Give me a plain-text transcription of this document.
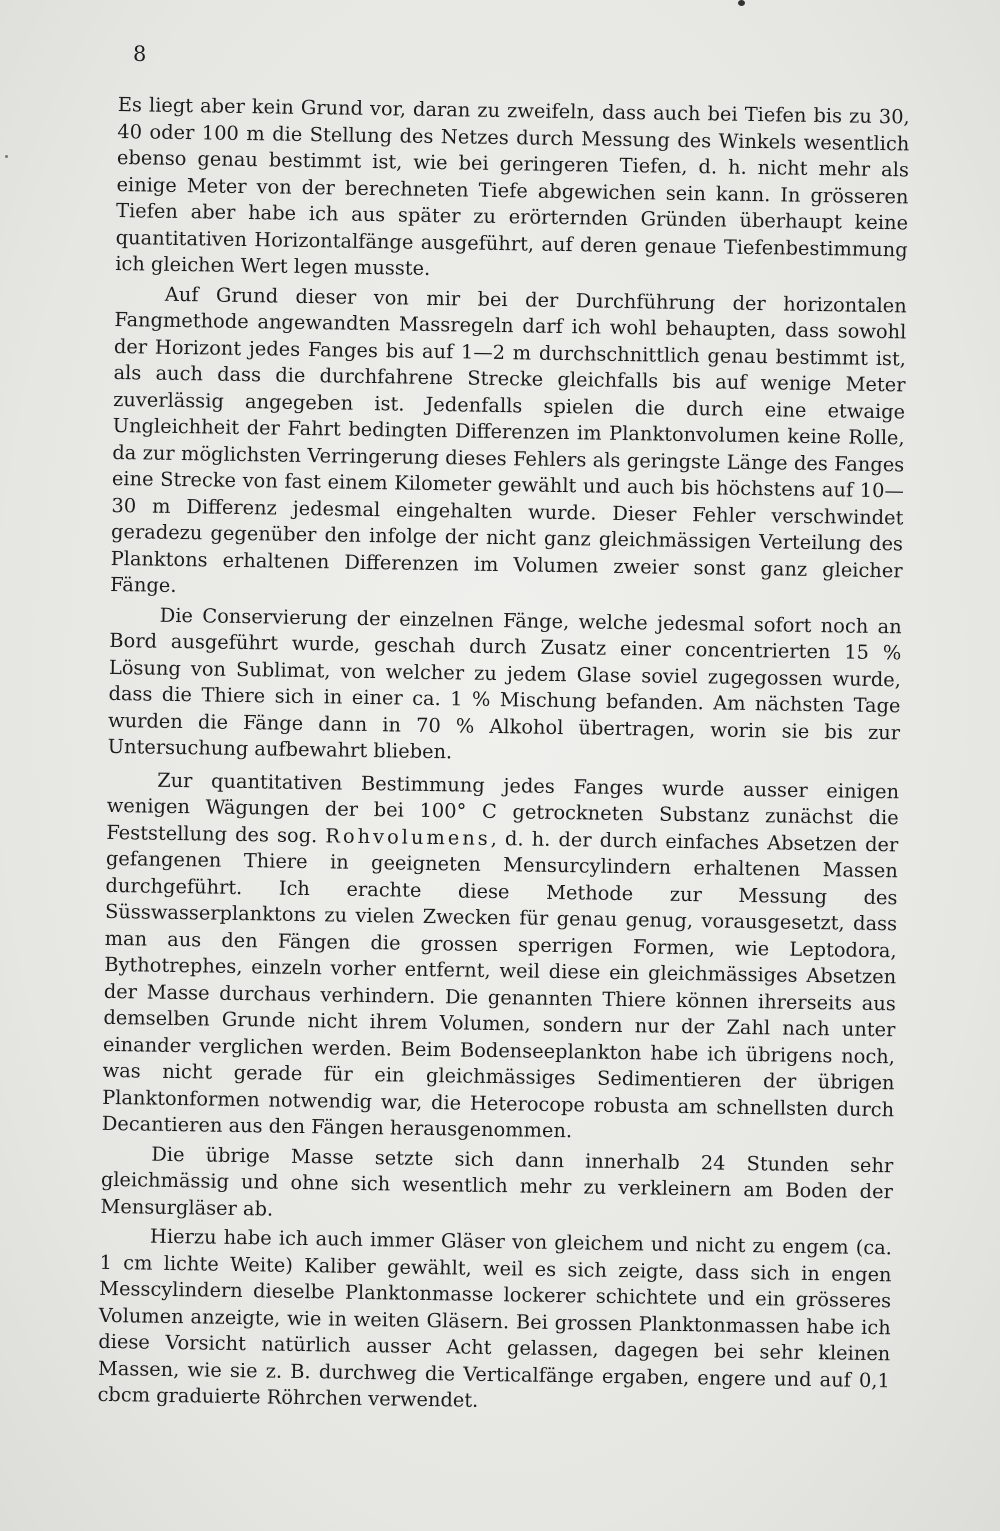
8

Es liegt aber kein Grund vor, daran zu zweifeln, dass auch bei Tiefen bis zu 30, 40 oder 100 m die Stellung des Netzes durch Messung des Winkels wesentlich ebenso genau bestimmt ist, wie bei geringeren Tiefen, d. h. nicht mehr als einige Meter von der berechneten Tiefe abgewichen sein kann. In grösseren Tiefen aber habe ich aus später zu erörternden Gründen überhaupt keine quantitativen Horizontalfänge ausgeführt, auf deren genaue Tiefenbestimmung ich gleichen Wert legen musste.

Auf Grund dieser von mir bei der Durchführung der horizontalen Fangmethode angewandten Massregeln darf ich wohl behaupten, dass sowohl der Horizont jedes Fanges bis auf 1—2 m durchschnittlich genau bestimmt ist, als auch dass die durchfahrene Strecke gleichfalls bis auf wenige Meter zuverlässig angegeben ist. Jedenfalls spielen die durch eine etwaige Ungleichheit der Fahrt bedingten Differenzen im Planktonvolumen keine Rolle, da zur möglichsten Verringerung dieses Fehlers als geringste Länge des Fanges eine Strecke von fast einem Kilometer gewählt und auch bis höchstens auf 10—30 m Differenz jedesmal eingehalten wurde. Dieser Fehler verschwindet geradezu gegenüber den infolge der nicht ganz gleichmässigen Verteilung des Planktons erhaltenen Differenzen im Volumen zweier sonst ganz gleicher Fänge.

Die Conservierung der einzelnen Fänge, welche jedesmal sofort noch an Bord ausgeführt wurde, geschah durch Zusatz einer concentrierten 15 % Lösung von Sublimat, von welcher zu jedem Glase soviel zugegossen wurde, dass die Thiere sich in einer ca. 1 % Mischung befanden. Am nächsten Tage wurden die Fänge dann in 70 % Alkohol übertragen, worin sie bis zur Untersuchung aufbewahrt blieben.

Zur quantitativen Bestimmung jedes Fanges wurde ausser einigen wenigen Wägungen der bei 100° C getrockneten Substanz zunächst die Feststellung des sog. Rohvolumens, d. h. der durch einfaches Absetzen der gefangenen Thiere in geeigneten Mensurcylindern erhaltenen Massen durchgeführt. Ich erachte diese Methode zur Messung des Süsswasserplanktons zu vielen Zwecken für genau genug, vorausgesetzt, dass man aus den Fängen die grossen sperrigen Formen, wie Leptodora, Bythotrephes, einzeln vorher entfernt, weil diese ein gleichmässiges Absetzen der Masse durchaus verhindern. Die genannten Thiere können ihrerseits aus demselben Grunde nicht ihrem Volumen, sondern nur der Zahl nach unter einander verglichen werden. Beim Bodenseeplankton habe ich übrigens noch, was nicht gerade für ein gleichmässiges Sedimentieren der übrigen Planktonformen notwendig war, die Heterocope robusta am schnellsten durch Decantieren aus den Fängen herausgenommen.

Die übrige Masse setzte sich dann innerhalb 24 Stunden sehr gleichmässig und ohne sich wesentlich mehr zu verkleinern am Boden der Mensurgläser ab.

Hierzu habe ich auch immer Gläser von gleichem und nicht zu engem (ca. 1 cm lichte Weite) Kaliber gewählt, weil es sich zeigte, dass sich in engen Messcylindern dieselbe Planktonmasse lockerer schichtete und ein grösseres Volumen anzeigte, wie in weiten Gläsern. Bei grossen Planktonmassen habe ich diese Vorsicht natürlich ausser Acht gelassen, dagegen bei sehr kleinen Massen, wie sie z. B. durchweg die Verticalfänge ergaben, engere und auf 0,1 cbcm graduierte Röhrchen verwendet.
